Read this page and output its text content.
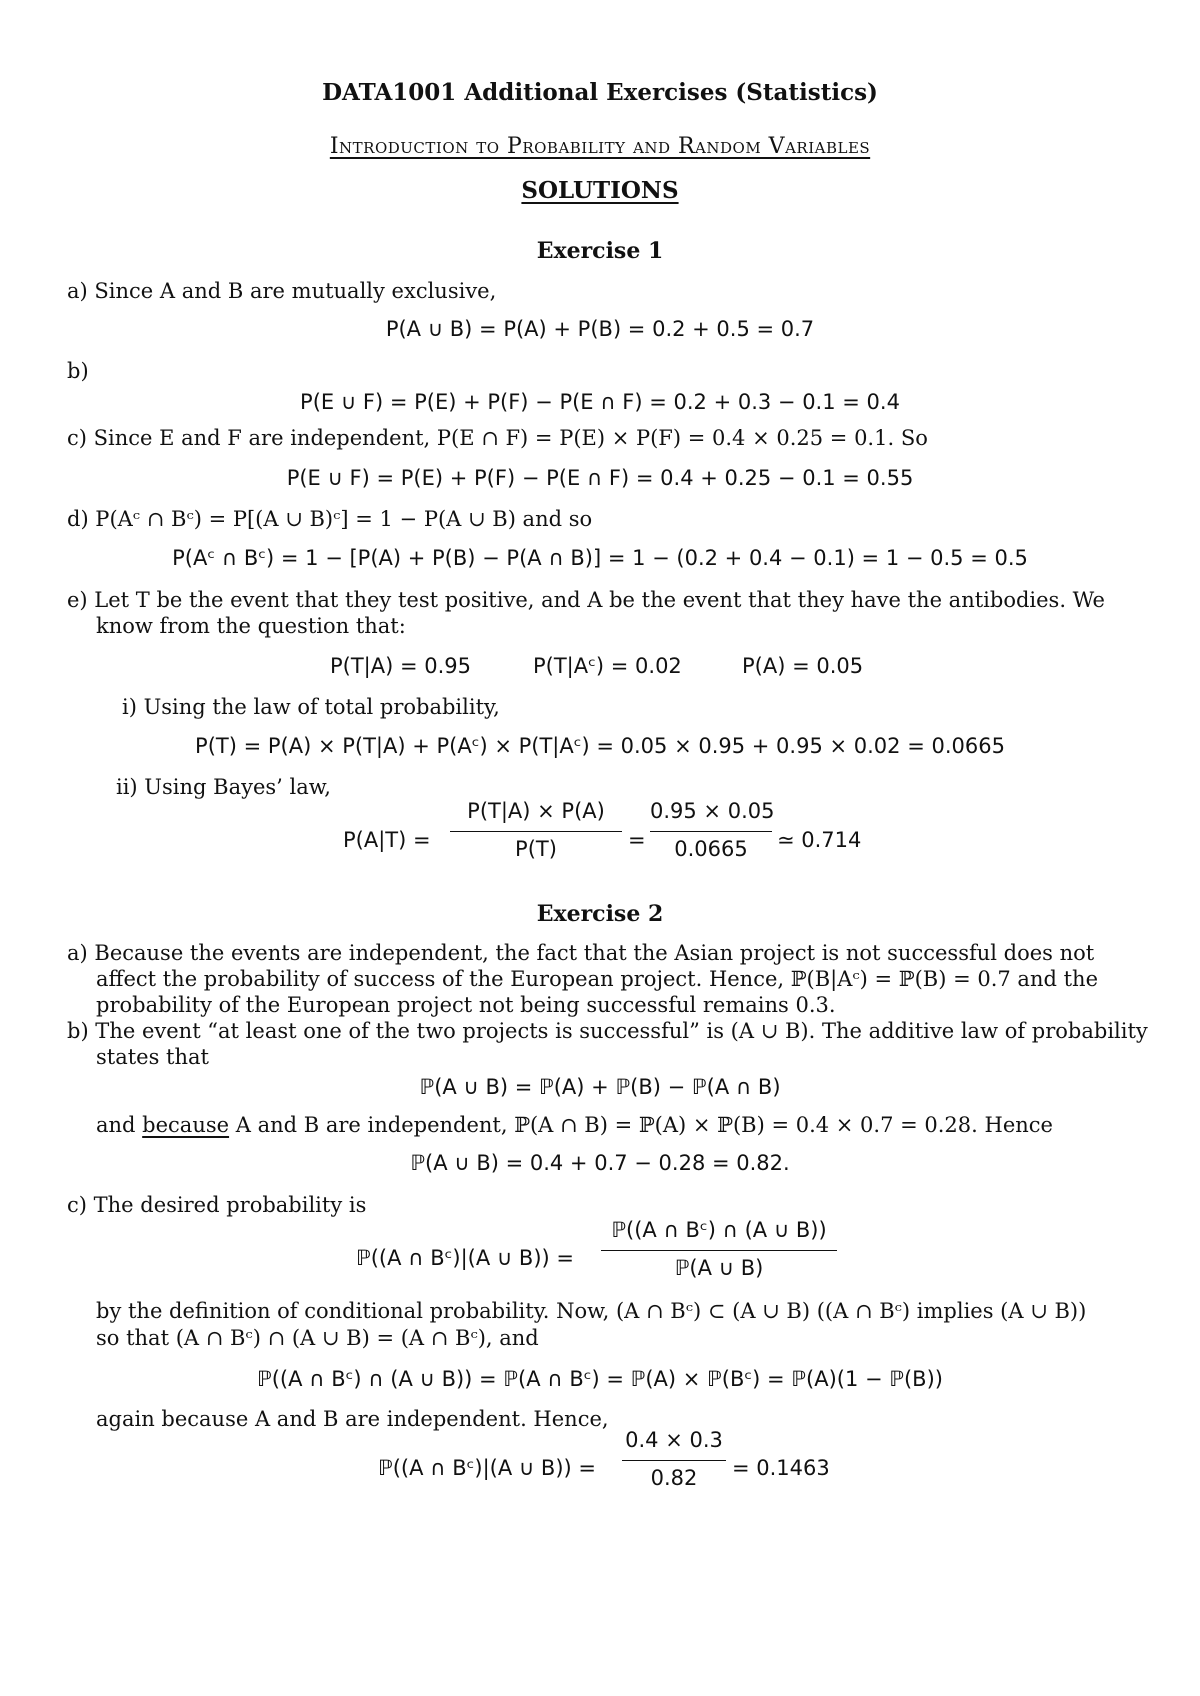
DATA1001 Additional Exercises (Statistics)
Introduction to Probability and Random Variables
SOLUTIONS
Exercise 1
a) Since A and B are mutually exclusive,
P(A ∪ B) = P(A) + P(B) = 0.2 + 0.5 = 0.7
b)
P(E ∪ F) = P(E) + P(F) − P(E ∩ F) = 0.2 + 0.3 − 0.1 = 0.4
c) Since E and F are independent, P(E ∩ F) = P(E) × P(F) = 0.4 × 0.25 = 0.1. So
P(E ∪ F) = P(E) + P(F) − P(E ∩ F) = 0.4 + 0.25 − 0.1 = 0.55
d) P(Aᶜ ∩ Bᶜ) = P[(A ∪ B)ᶜ] = 1 − P(A ∪ B) and so
P(Aᶜ ∩ Bᶜ) = 1 − [P(A) + P(B) − P(A ∩ B)] = 1 − (0.2 + 0.4 − 0.1) = 1 − 0.5 = 0.5
e) Let T be the event that they test positive, and A be the event that they have the antibodies. We
know from the question that:
P(T|A) = 0.95	P(T|Aᶜ) = 0.02	P(A) = 0.05
i) Using the law of total probability,
P(T) = P(A) × P(T|A) + P(Aᶜ) × P(T|Aᶜ) = 0.05 × 0.95 + 0.95 × 0.02 = 0.0665
ii) Using Bayes’ law,
P(A|T) =
P(T|A) × P(A)
P(T)	=
0.95 × 0.05
0.0665	≃ 0.714
Exercise 2
a) Because the events are independent, the fact that the Asian project is not successful does not
affect the probability of success of the European project. Hence, ℙ(B|Aᶜ) = ℙ(B) = 0.7 and the
probability of the European project not being successful remains 0.3.
b) The event “at least one of the two projects is successful” is (A ∪ B). The additive law of probability
states that
ℙ(A ∪ B) = ℙ(A) + ℙ(B) − ℙ(A ∩ B)
and because A and B are independent, ℙ(A ∩ B) = ℙ(A) × ℙ(B) = 0.4 × 0.7 = 0.28. Hence
ℙ(A ∪ B) = 0.4 + 0.7 − 0.28 = 0.82.
c) The desired probability is
ℙ((A ∩ Bᶜ)|(A ∪ B)) =
ℙ((A ∩ Bᶜ) ∩ (A ∪ B))
ℙ(A ∪ B)
by the definition of conditional probability. Now, (A ∩ Bᶜ) ⊂ (A ∪ B) ((A ∩ Bᶜ) implies (A ∪ B))
so that (A ∩ Bᶜ) ∩ (A ∪ B) = (A ∩ Bᶜ), and
ℙ((A ∩ Bᶜ) ∩ (A ∪ B)) = ℙ(A ∩ Bᶜ) = ℙ(A) × ℙ(Bᶜ) = ℙ(A)(1 − ℙ(B))
again because A and B are independent. Hence,
ℙ((A ∩ Bᶜ)|(A ∪ B)) =
0.4 × 0.3
0.82	= 0.1463
